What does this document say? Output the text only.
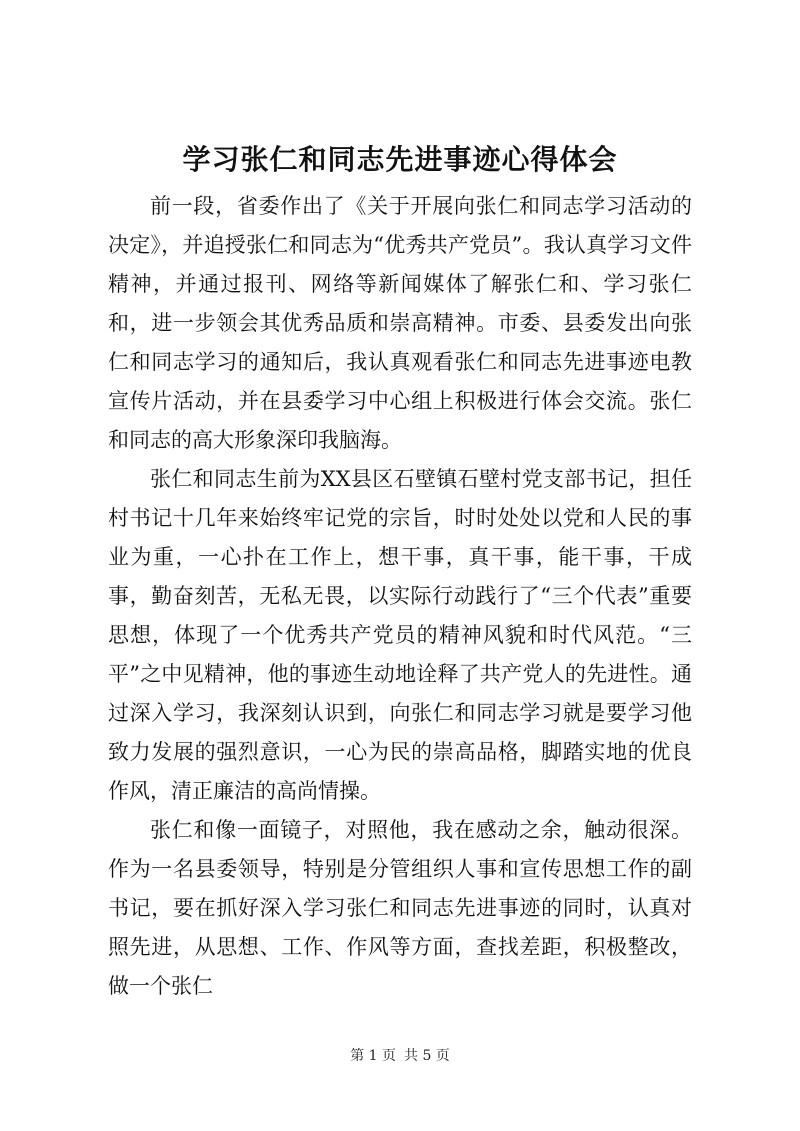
学习张仁和同志先进事迹心得体会

前一段，省委作出了《关于开展向张仁和同志学习活动的决定》，并追授张仁和同志为“优秀共产党员”。我认真学习文件精神，并通过报刊、网络等新闻媒体了解张仁和、学习张仁和，进一步领会其优秀品质和崇高精神。市委、县委发出向张仁和同志学习的通知后，我认真观看张仁和同志先进事迹电教宣传片活动，并在县委学习中心组上积极进行体会交流。张仁和同志的高大形象深印我脑海。

张仁和同志生前为XX县区石壁镇石壁村党支部书记，担任村书记十几年来始终牢记党的宗旨，时时处处以党和人民的事业为重，一心扑在工作上，想干事，真干事，能干事，干成事，勤奋刻苦，无私无畏，以实际行动践行了“三个代表”重要思想，体现了一个优秀共产党员的精神风貌和时代风范。“三平”之中见精神，他的事迹生动地诠释了共产党人的先进性。通过深入学习，我深刻认识到，向张仁和同志学习就是要学习他致力发展的强烈意识，一心为民的崇高品格，脚踏实地的优良作风，清正廉洁的高尚情操。

张仁和像一面镜子，对照他，我在感动之余，触动很深。作为一名县委领导，特别是分管组织人事和宣传思想工作的副书记，要在抓好深入学习张仁和同志先进事迹的同时，认真对照先进，从思想、工作、作风等方面，查找差距，积极整改，做一个张仁

第 1 页 共 5 页
